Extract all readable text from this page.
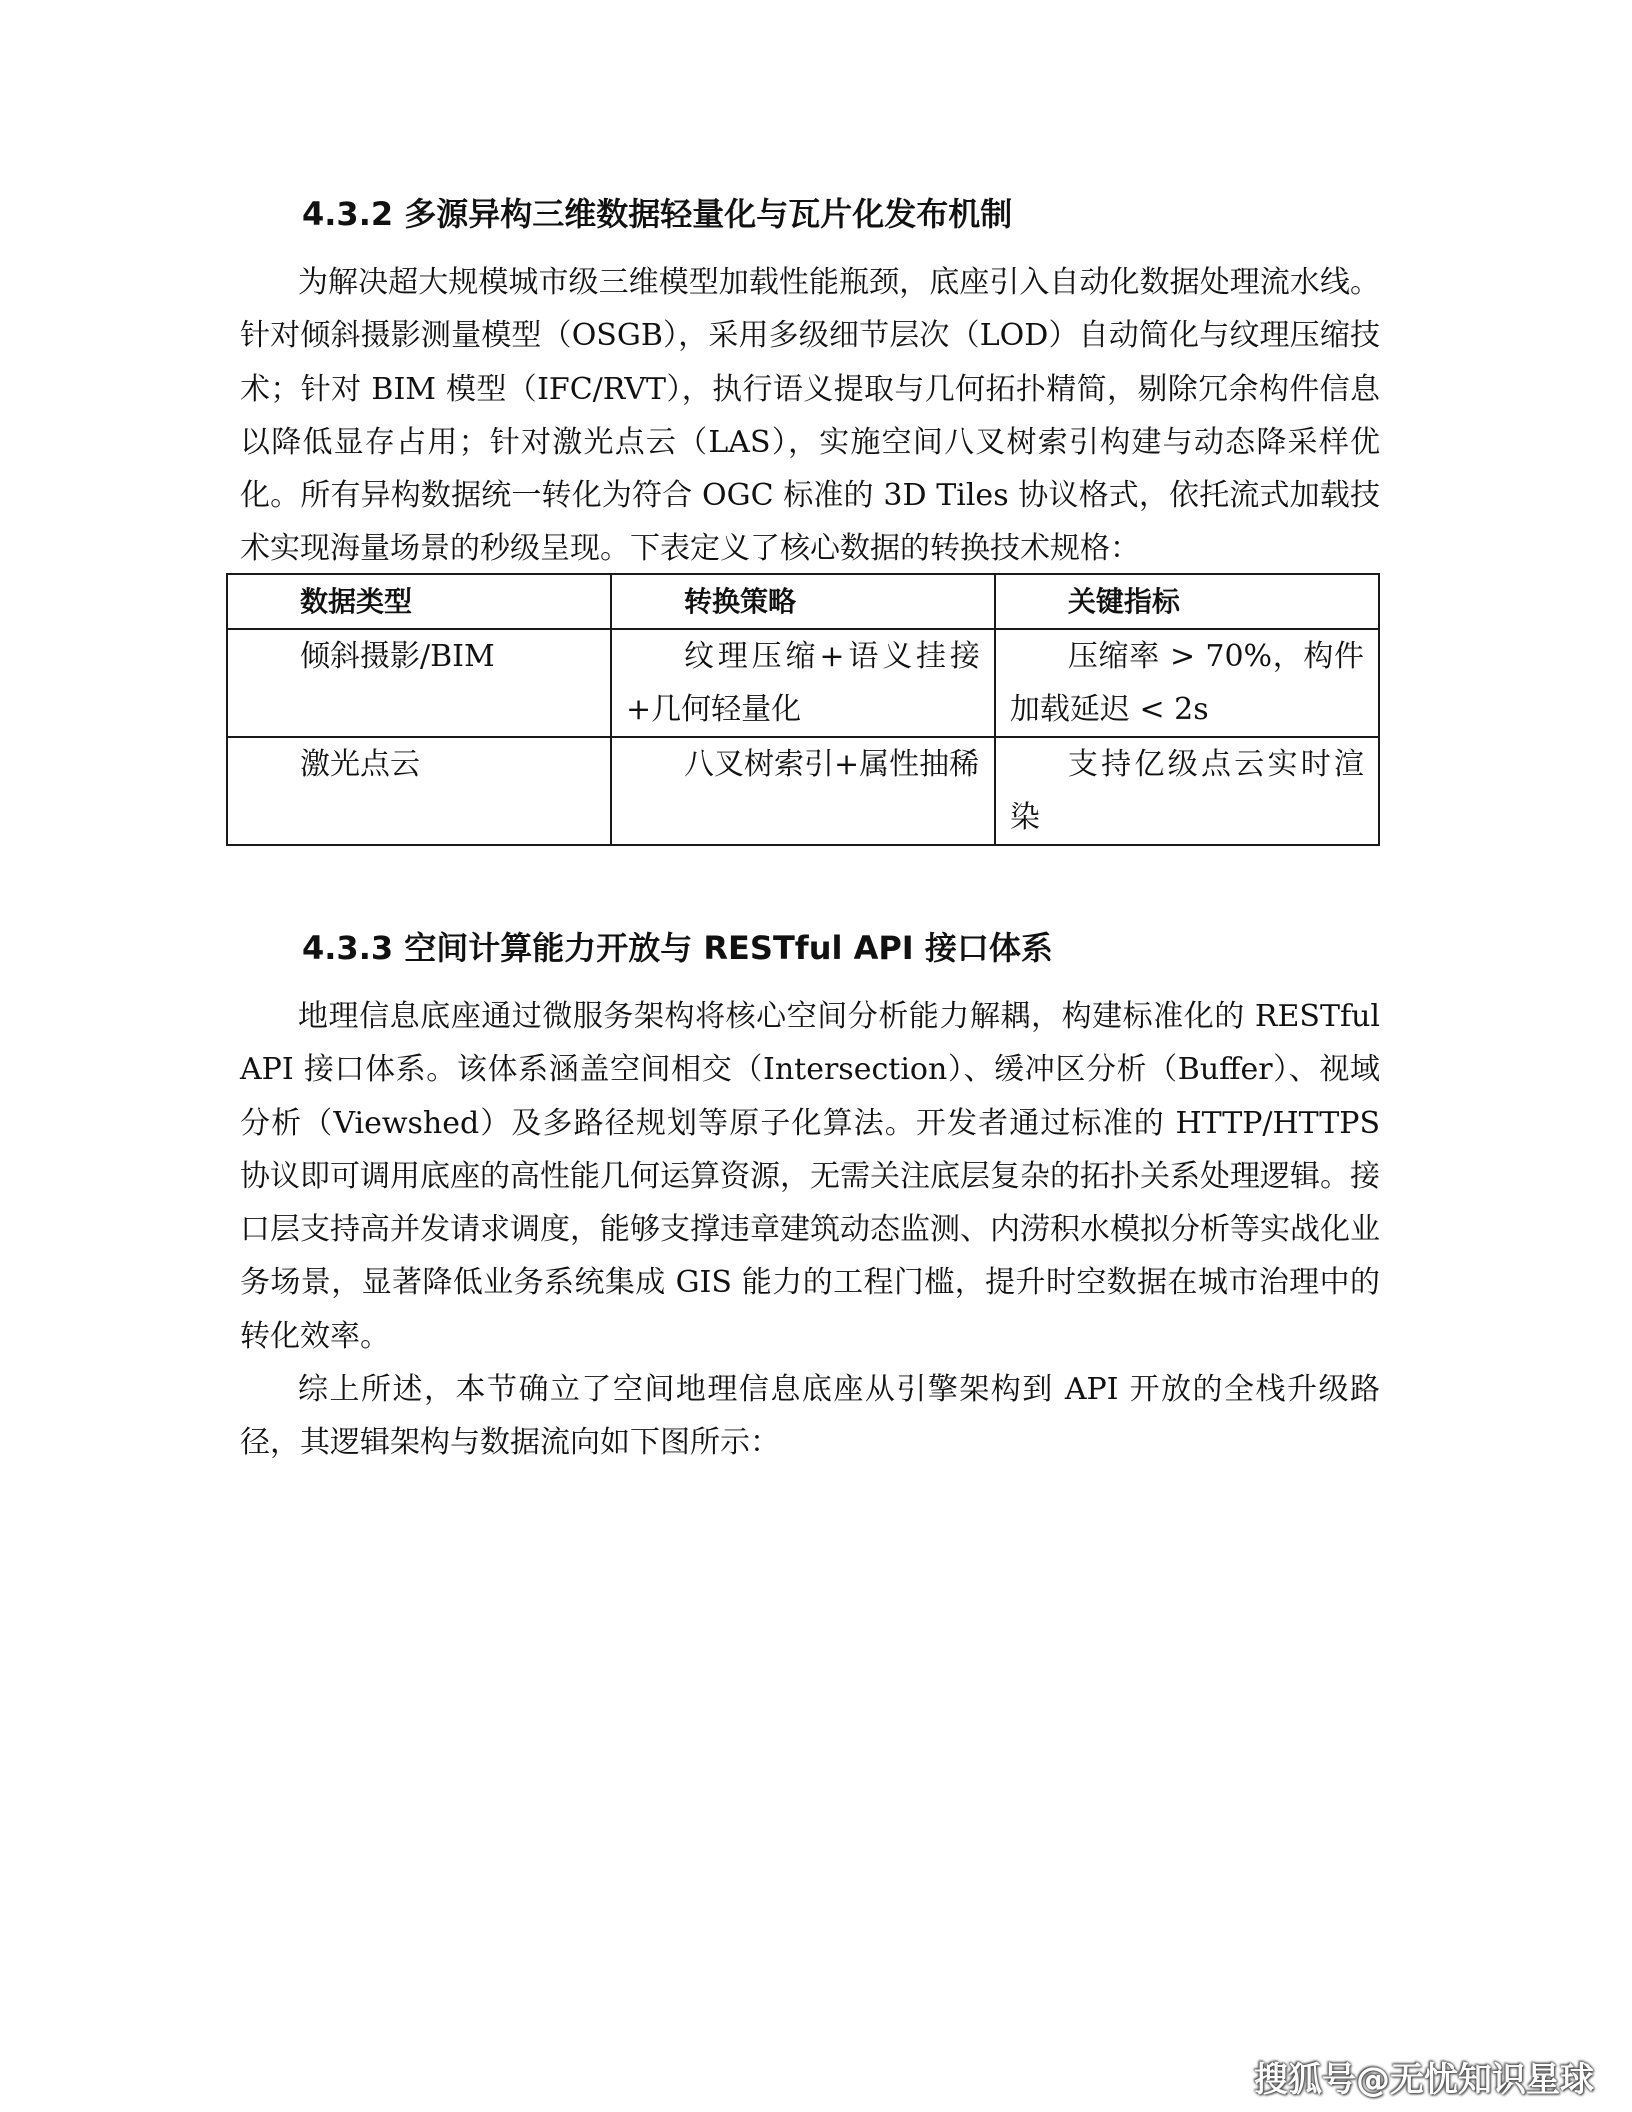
4.3.2 多源异构三维数据轻量化与瓦片化发布机制

为解决超大规模城市级三维模型加载性能瓶颈，底座引入自动化数据处理流水线。针对倾斜摄影测量模型（OSGB），采用多级细节层次（LOD）自动简化与纹理压缩技术；针对 BIM 模型（IFC/RVT），执行语义提取与几何拓扑精简，剔除冗余构件信息以降低显存占用；针对激光点云（LAS），实施空间八叉树索引构建与动态降采样优化。所有异构数据统一转化为符合 OGC 标准的 3D Tiles 协议格式，依托流式加载技术实现海量场景的秒级呈现。下表定义了核心数据的转换技术规格：

数据类型	转换策略	关键指标
倾斜摄影/BIM	纹理压缩+语义挂接+几何轻量化	压缩率 > 70%，构件加载延迟 < 2s
激光点云	八叉树索引+属性抽稀	支持亿级点云实时渲染
4.3.3 空间计算能力开放与 RESTful API 接口体系

地理信息底座通过微服务架构将核心空间分析能力解耦，构建标准化的 RESTful API 接口体系。该体系涵盖空间相交（Intersection）、缓冲区分析（Buffer）、视域分析（Viewshed）及多路径规划等原子化算法。开发者通过标准的 HTTP/HTTPS 协议即可调用底座的高性能几何运算资源，无需关注底层复杂的拓扑关系处理逻辑。接口层支持高并发请求调度，能够支撑违章建筑动态监测、内涝积水模拟分析等实战化业务场景，显著降低业务系统集成 GIS 能力的工程门槛，提升时空数据在城市治理中的转化效率。

综上所述，本节确立了空间地理信息底座从引擎架构到 API 开放的全栈升级路径，其逻辑架构与数据流向如下图所示：

搜狐号@无忧知识星球
